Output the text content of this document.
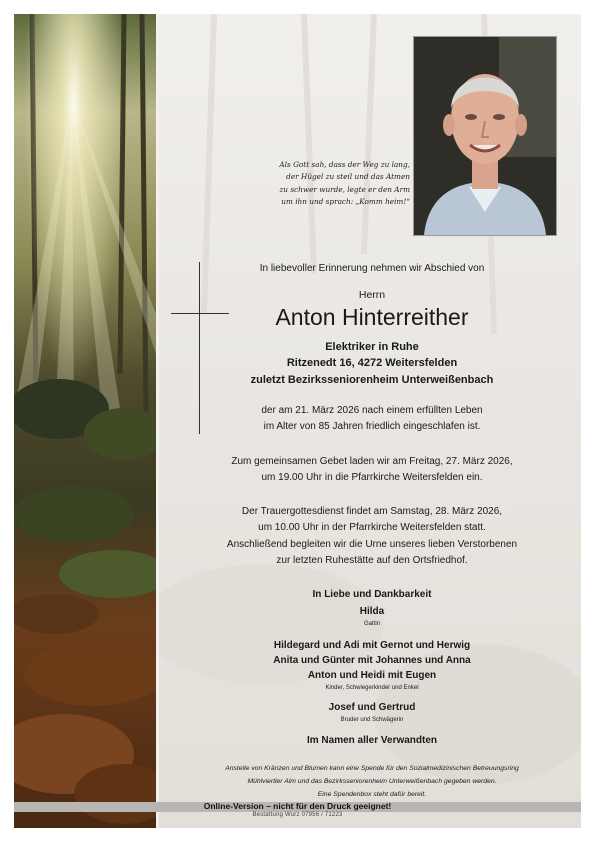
Als Gott sah, dass der Weg zu lang,
der Hügel zu steil und das Atmen
zu schwer wurde, legte er den Arm
um ihn und sprach: „Komm heim!“
In liebevoller Erinnerung nehmen wir Abschied von
Herrn
Anton Hinterreither
Elektriker in Ruhe
Ritzenedt 16, 4272 Weitersfelden
zuletzt Bezirksseniorenheim Unterweißenbach
der am 21. März 2026 nach einem erfüllten Leben
im Alter von 85 Jahren friedlich eingeschlafen ist.
Zum gemeinsamen Gebet laden wir am Freitag, 27. März 2026,
um 19.00 Uhr in die Pfarrkirche Weitersfelden ein.
Der Trauergottesdienst findet am Samstag, 28. März 2026,
um 10.00 Uhr in der Pfarrkirche Weitersfelden statt.
Anschließend begleiten wir die Urne unseres lieben Verstorbenen
zur letzten Ruhestätte auf den Ortsfriedhof.
In Liebe und Dankbarkeit
Hilda
Gattin
Hildegard und Adi mit Gernot und Herwig
Anita und Günter mit Johannes und Anna
Anton und Heidi mit Eugen
Kinder, Schwiegerkinder und Enkel
Josef und Gertrud
Bruder und Schwägerin
Im Namen aller Verwandten
Anstelle von Kränzen und Blumen kann eine Spende für den Sozialmedizinischen Betreuungsring
Mühlviertler Alm und das Bezirksseniorenheim Unterweißenbach gegeben werden.
Eine Spendenbox steht dafür bereit.
Online-Version – nicht für den Druck geeignet!
Bestattung Wurz 07956 / 71223
